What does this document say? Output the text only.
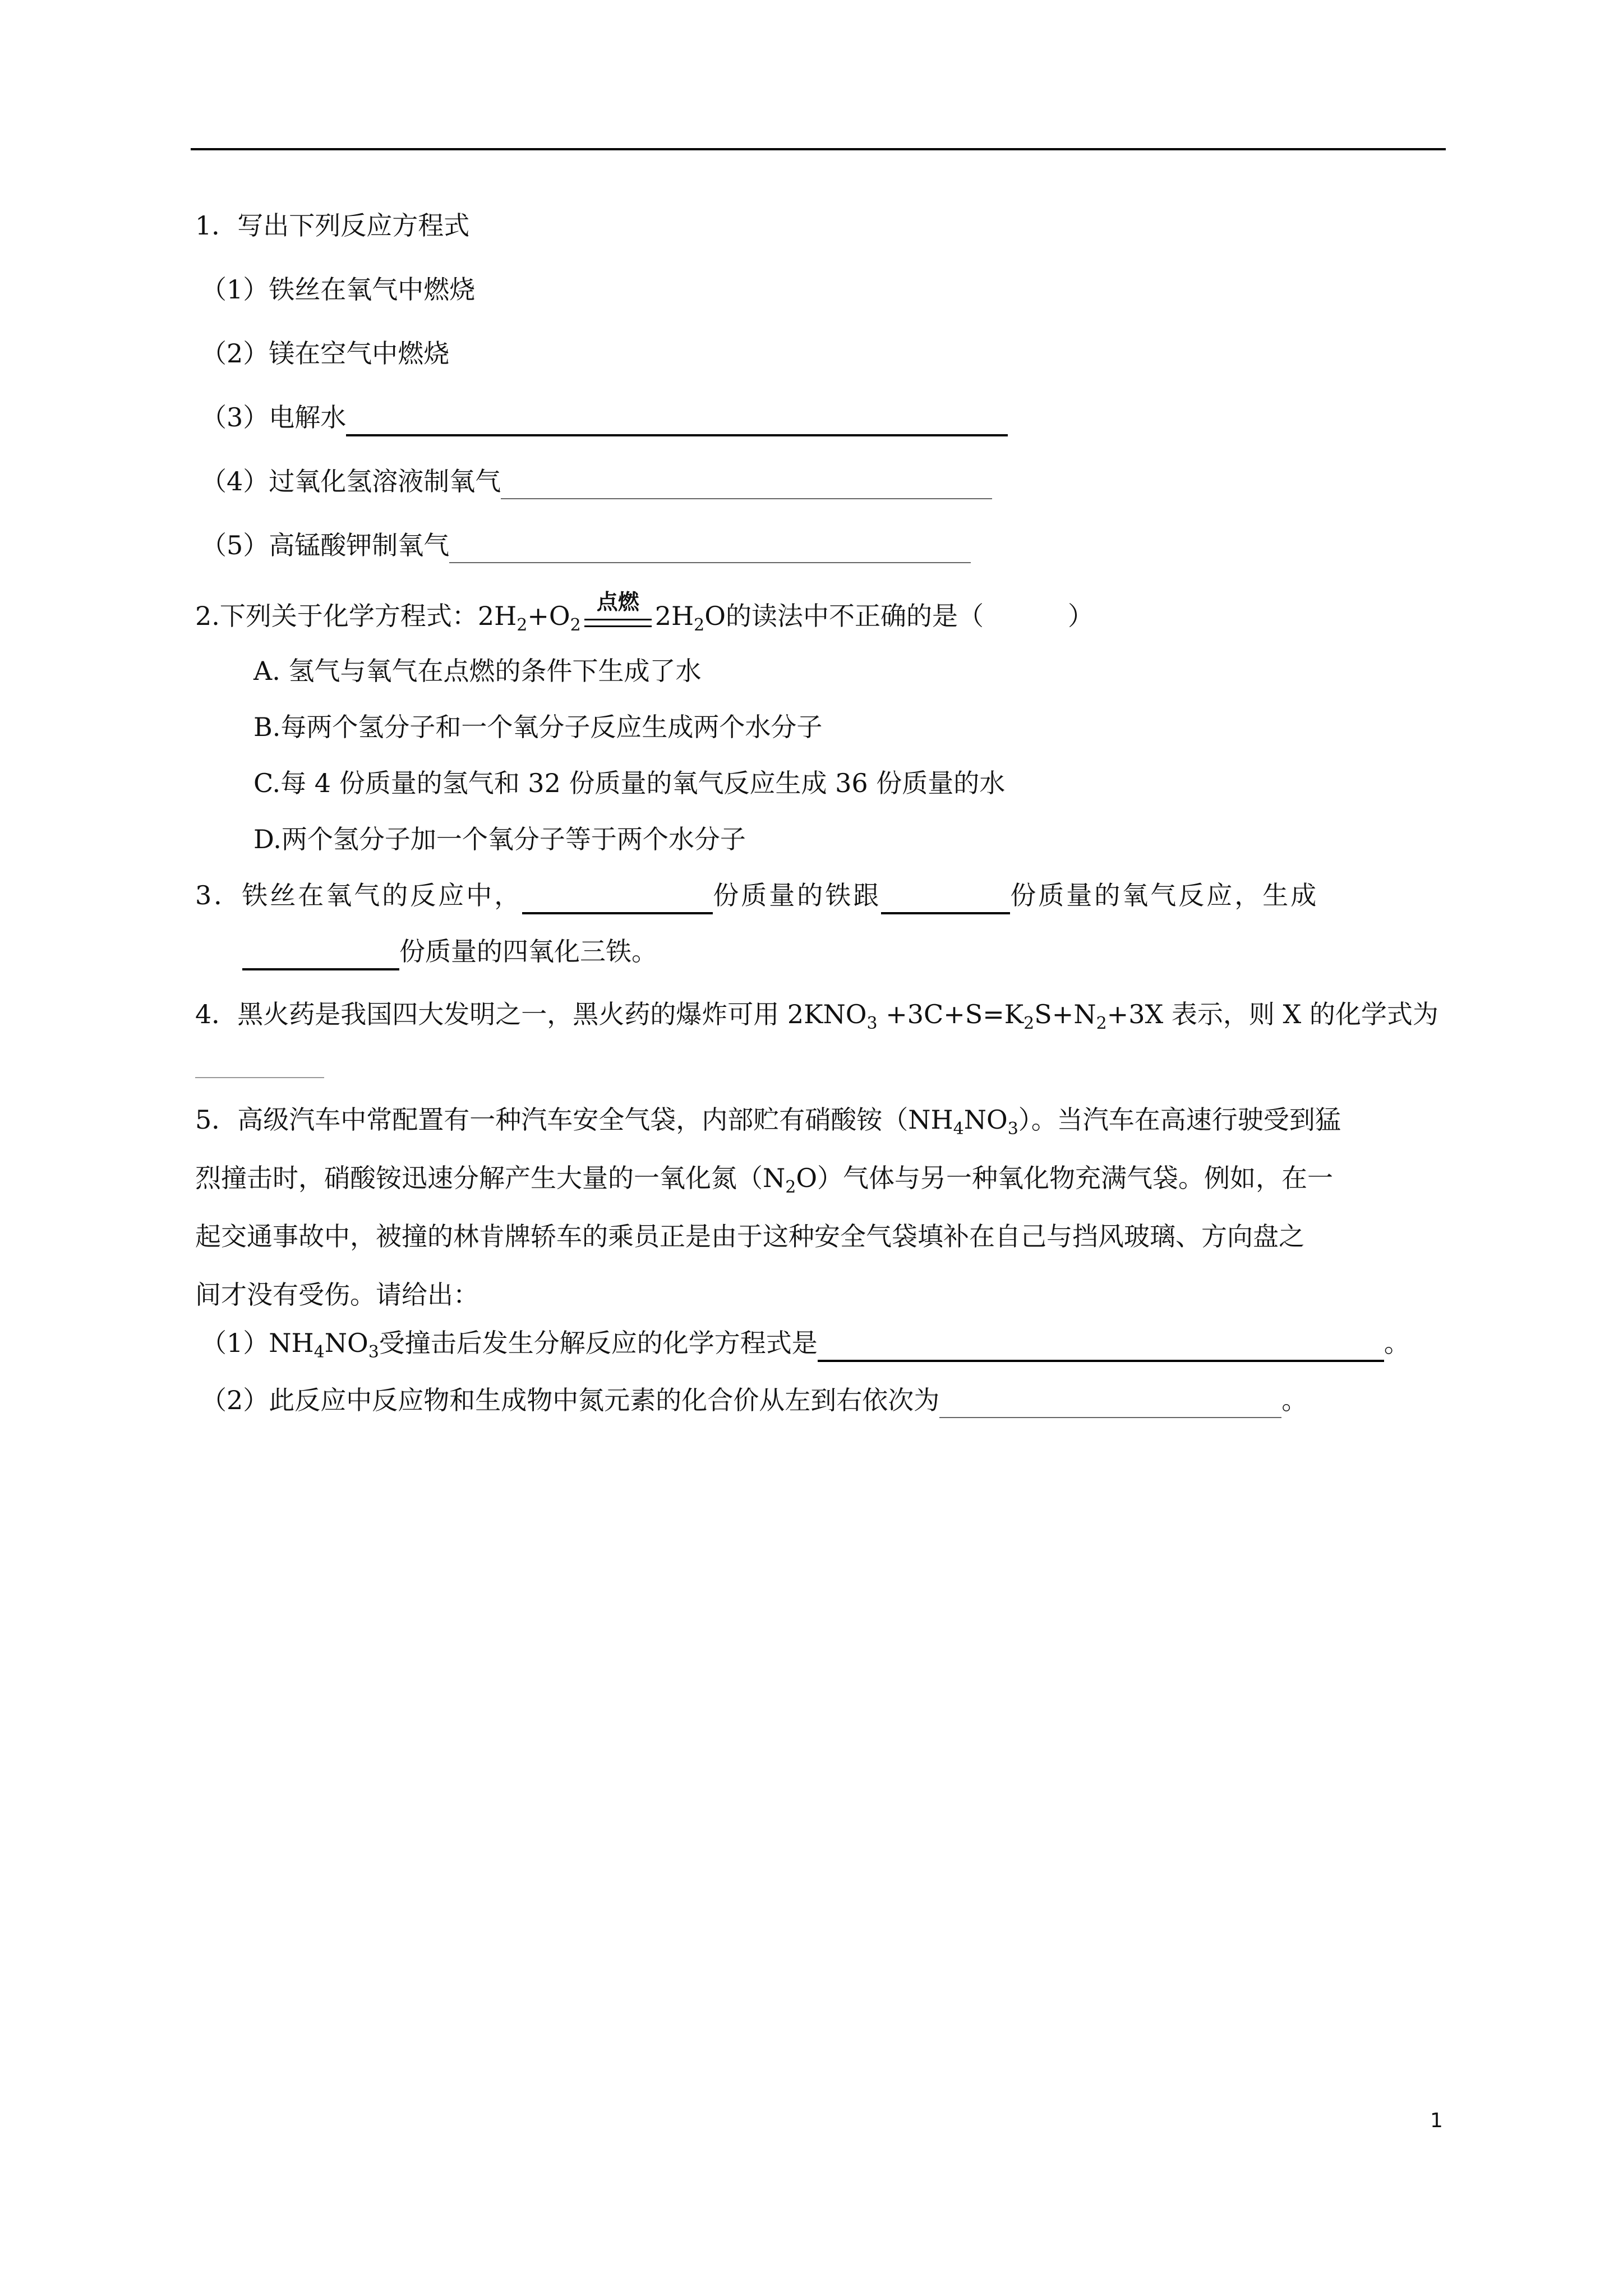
1．写出下列反应方程式
（1）铁丝在氧气中燃烧
（2）镁在空气中燃烧
（3）电解水
（4）过氧化氢溶液制氧气
（5）高锰酸钾制氧气
2.下列关于化学方程式：$2H_2+O_2$
点燃 $2H_2O$的读法中不正确的是（	）
A. 氢气与氧气在点燃的条件下生成了水
B.每两个氢分子和一个氧分子反应生成两个水分子
C.每 4 份质量的氢气和 32 份质量的氧气反应生成 36 份质量的水
D.两个氢分子加一个氧分子等于两个水分子
3．铁丝在氧气的反应中，	份质量的铁跟	份质量的氧气反应，生成
份质量的四氧化三铁。
4．黑火药是我国四大发明之一，黑火药的爆炸可用 $2KNO_3 +3C+S=K_2S+N_2+3X$ 表示，则 X 的化学式为

5．高级汽车中常配置有一种汽车安全气袋，内部贮有硝酸铵$(NH_4NO_3)$。当汽车在高速行驶受到猛
烈撞击时，硝酸铵迅速分解产生大量的一氧化氮$(N_2O)$气体与另一种氧化物充满气袋。例如，在一
起交通事故中，被撞的林肯牌轿车的乘员正是由于这种安全气袋填补在自己与挡风玻璃、方向盘之
间才没有受伤。请给出：
$(1)NH_4NO_3$受撞击后发生分解反应的化学方程式是	。
（2）此反应中反应物和生成物中氮元素的化合价从左到右依次为	。
1
